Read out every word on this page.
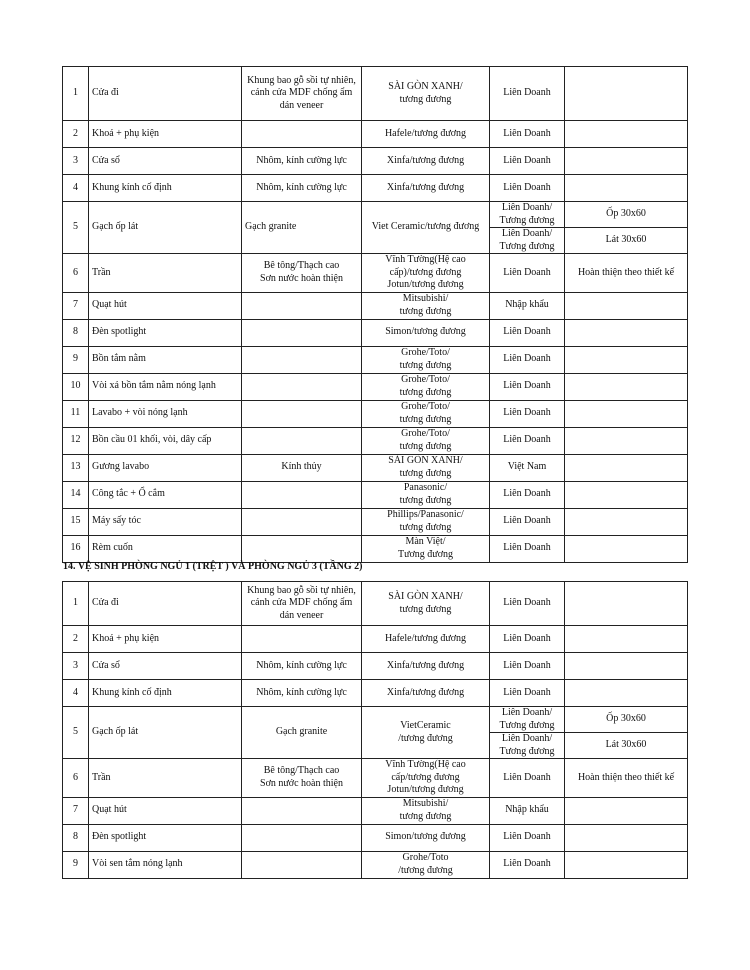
1	Cửa đi	Khung bao gỗ sồi tự nhiên,
cánh cửa MDF chống ẩm
dán veneer	SÀI GÒN XANH/
tương đương	Liên Doanh	
2	Khoá + phụ kiện		Hafele/tương đương	Liên Doanh	
3	Cửa sổ	Nhôm, kính cường lực	Xinfa/tương đương	Liên Doanh	
4	Khung kính cố định	Nhôm, kính cường lực	Xinfa/tương đương	Liên Doanh	
5	Gạch ốp lát	Gạch granite	Viet Ceramic/tương đương	Liên Doanh/
Tương đương	Ốp 30x60
				Liên Doanh/
Tương đương	Lát 30x60
6	Trần	Bê tông/Thạch cao
Sơn nước hoàn thiện	Vĩnh Tường(Hệ cao
cấp)/tương đương
Jotun/tương đương	Liên Doanh	Hoàn thiện theo thiết kế
7	Quạt hút		Mitsubishi/
tương đương	Nhập khẩu	
8	Đèn spotlight		Simon/tương đương	Liên Doanh	
9	Bồn tắm nằm		Grohe/Toto/
tương đương	Liên Doanh	
10	Vòi xả bồn tắm nằm nóng lạnh		Grohe/Toto/
tương đương	Liên Doanh	
11	Lavabo + vòi nóng lạnh		Grohe/Toto/
tương đương	Liên Doanh	
12	Bồn cầu 01 khối, vòi, dây cấp		Grohe/Toto/
tương đương	Liên Doanh	
13	Gương lavabo	Kính thủy	SÀI GÒN XANH/
tương đương	Việt Nam	
14	Công tắc + Ổ cắm		Panasonic/
tương đương	Liên Doanh	
15	Máy sấy tóc		Phillips/Panasonic/
tương đương	Liên Doanh	
16	Rèm cuốn		Màn Việt/
Tương đương	Liên Doanh	
14. VỆ SINH PHÒNG NGỦ 1 (TRỆT ) VÀ PHÒNG NGỦ 3 (TẦNG 2)
1	Cửa đi	Khung bao gỗ sồi tự nhiên,
cánh cửa MDF chống ẩm
dán veneer	SÀI GÒN XANH/
tương đương	Liên Doanh	
2	Khoá + phụ kiện		Hafele/tương đương	Liên Doanh	
3	Cửa sổ	Nhôm, kính cường lực	Xinfa/tương đương	Liên Doanh	
4	Khung kính cố định	Nhôm, kính cường lực	Xinfa/tương đương	Liên Doanh	
5	Gạch ốp lát	Gạch granite	VietCeramic
/tương đương	Liên Doanh/
Tương đương	Ốp 30x60
				Liên Doanh/
Tương đương	Lát 30x60
6	Trần	Bê tông/Thạch cao
Sơn nước hoàn thiện	Vĩnh Tường(Hệ cao
cấp/tương đương
Jotun/tương đương	Liên Doanh	Hoàn thiện theo thiết kế
7	Quạt hút		Mitsubishi/
tương đương	Nhập khẩu	
8	Đèn spotlight		Simon/tương đương	Liên Doanh	
9	Vòi sen tắm nóng lạnh		Grohe/Toto
/tương đương	Liên Doanh	
